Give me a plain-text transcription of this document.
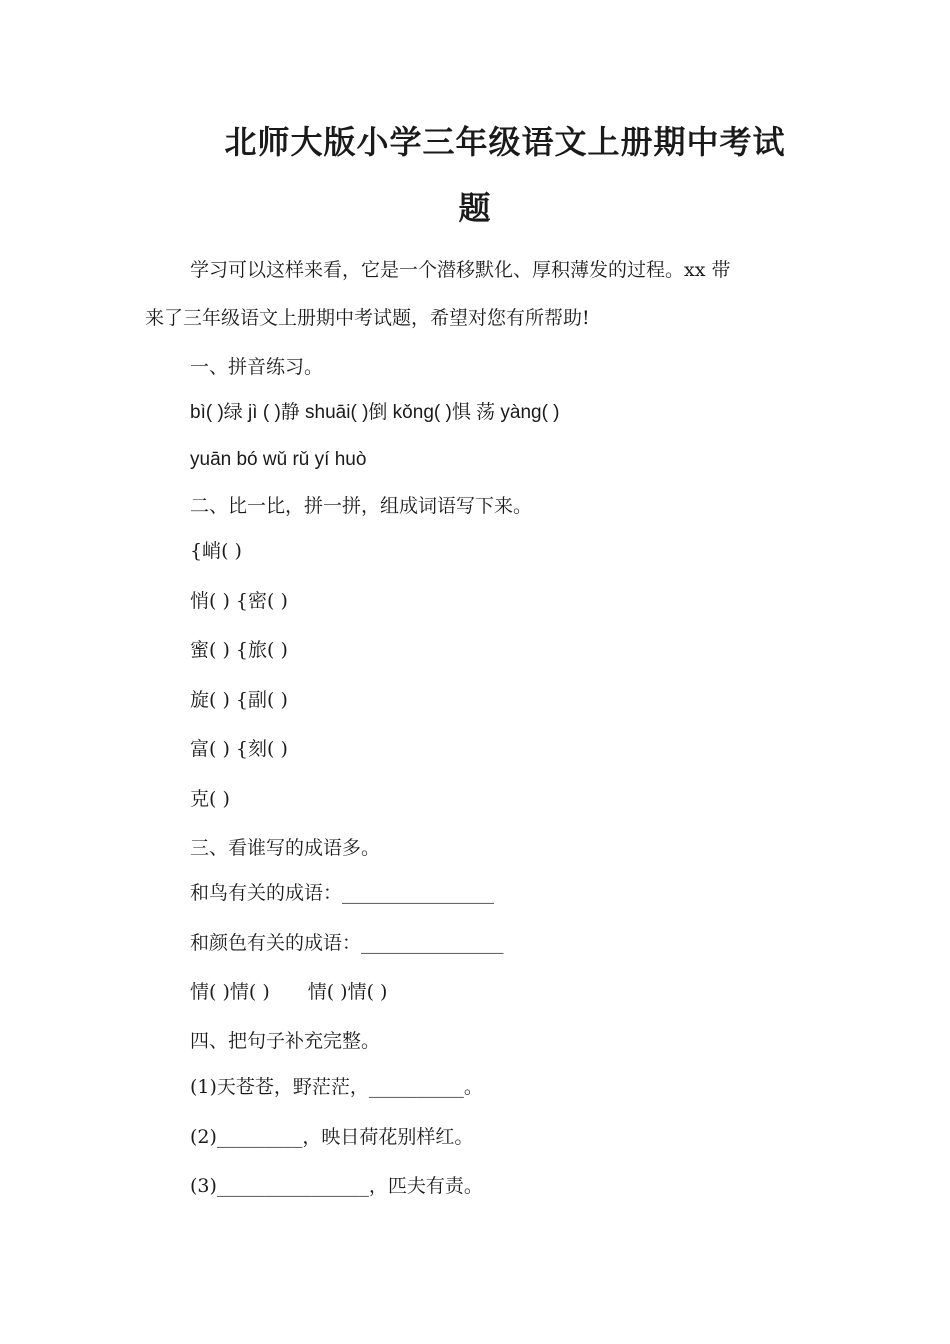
北师大版小学三年级语文上册期中考试
题

学习可以这样来看，它是一个潜移默化、厚积薄发的过程。xx 带

来了三年级语文上册期中考试题，希望对您有所帮助!

一、拼音练习。

bì( )绿 jì ( )静 shuāi( )倒 kǒng( )惧 荡 yàng( )

yuān bó wǔ rǔ yí huò

二、比一比，拼一拼，组成词语写下来。

{峭( )

悄( ) {密( )

蜜( ) {旅( )

旋( ) {副( )

富( ) {刻( )

克( )

三、看谁写的成语多。

和鸟有关的成语：________________

和颜色有关的成语：_______________

情( )情( )　　情( )情( )

四、把句子补充完整。

(1)天苍苍，野茫茫，__________。

(2)_________，映日荷花别样红。

(3)________________，匹夫有责。
